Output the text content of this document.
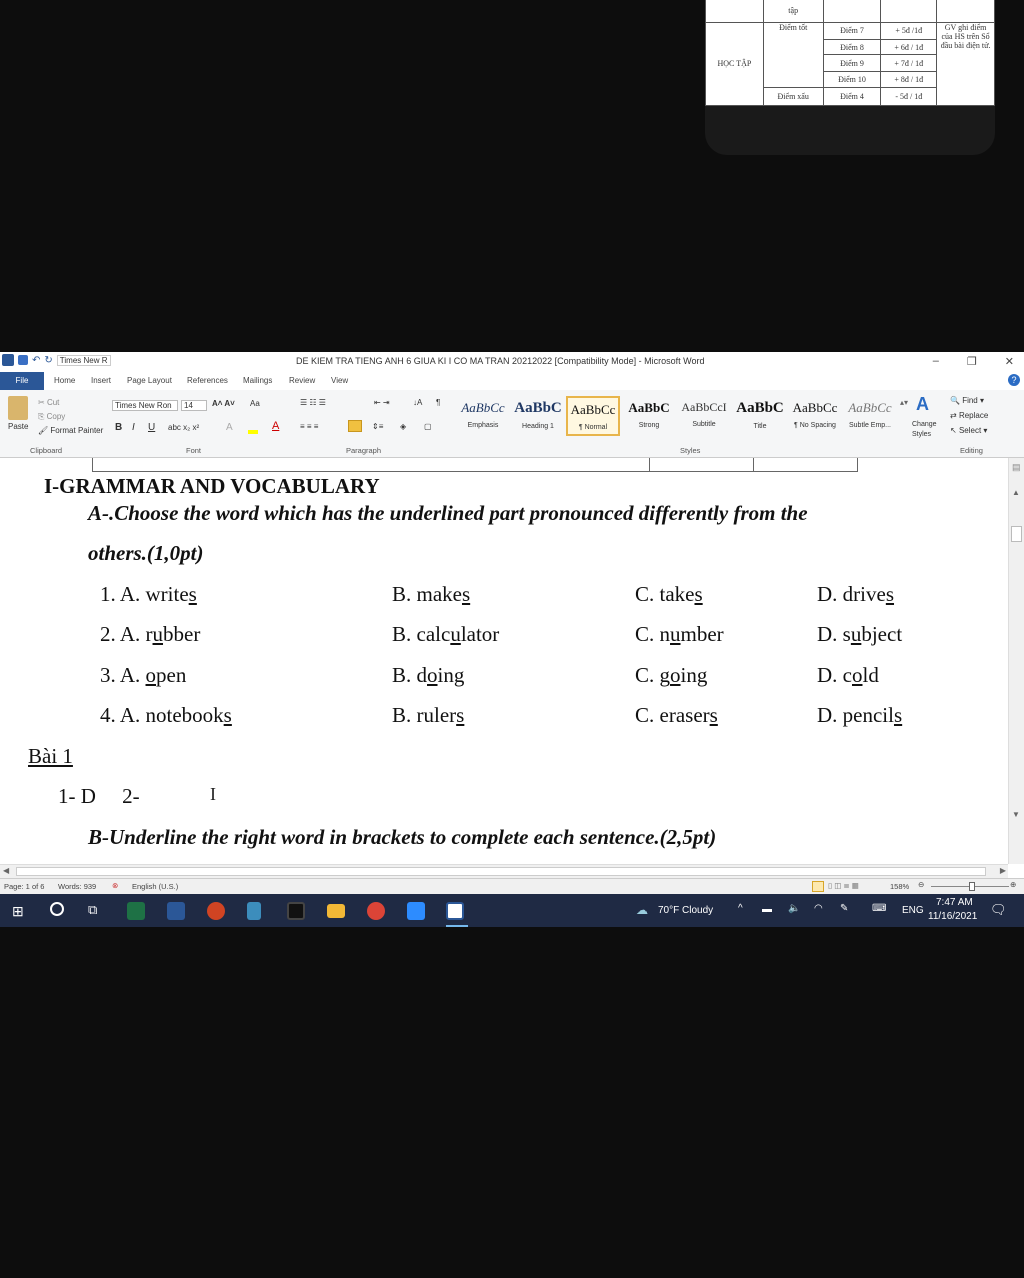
	tập			
HỌC TẬP	Điểm tốt	Điểm 7	+ 5đ /1đ	GV ghi điểm của HS trên Sổ đầu bài điện tử.
		Điểm 8	+ 6đ / 1đ	
		Điểm 9	+ 7đ / 1đ	
		Điểm 10	+ 8đ / 1đ	
	Điểm xấu	Điểm 4	- 5đ / 1đ	
↶ ↻ Times New R	DE KIEM TRA TIENG ANH 6 GIUA KI I CO MA TRAN 20212022 [Compatibility Mode] - Microsoft Word	–	❐	✕
File	Home Insert Page Layout References Mailings Review View	?
Paste
✂ Cut
⎘ Copy
🖌 Format Painter
Clipboard
Times New Ron	14	A˄ A˅ Aa
B I U abc x₂ x²	A	A
Font
☰ ☷ ☰	⇤ ⇥	↓A ¶
≡ ≡ ≡	⇕≡ ◈ ▢
Paragraph
AaBbCc
Emphasis
AaBbC
Heading 1
AaBbCc
¶ Normal
AaBbC
Strong
AaBbCcI
Subtitle
AaBbC
Title
AaBbCc
¶ No Spacing
AaBbCc
Subtle Emp...
▴▾ A
Change Styles
Styles
🔍 Find ▾
⇄ Replace
↖ Select ▾
Editing
I-GRAMMAR AND VOCABULARY
A-.Choose the word which has the underlined part pronounced differently from the
others.(1,0pt)
1. A. writes	B. makes	C. takes	D. drives
2. A. rubber	B. calculator	C. number	D. subject
3. A. open	B. doing	C. going	D. cold
4. A. notebooks	B. rulers	C. erasers	D. pencils
Bài 1
1- D     2-	I
B-Underline the right word in brackets to complete each sentence.(2,5pt)
▤
▲
▼
◀	▶
Page: 1 of 6 Words: 939 ⊗ English (U.S.)	▯ ◫ ≣ ▦	158% ⊖	⊕
⊞	⧉	☁ 70°F Cloudy ^ ▬ 🔈 ◠ ✎ ⌨ ENG
7:47 AM
11/16/2021 🗨
